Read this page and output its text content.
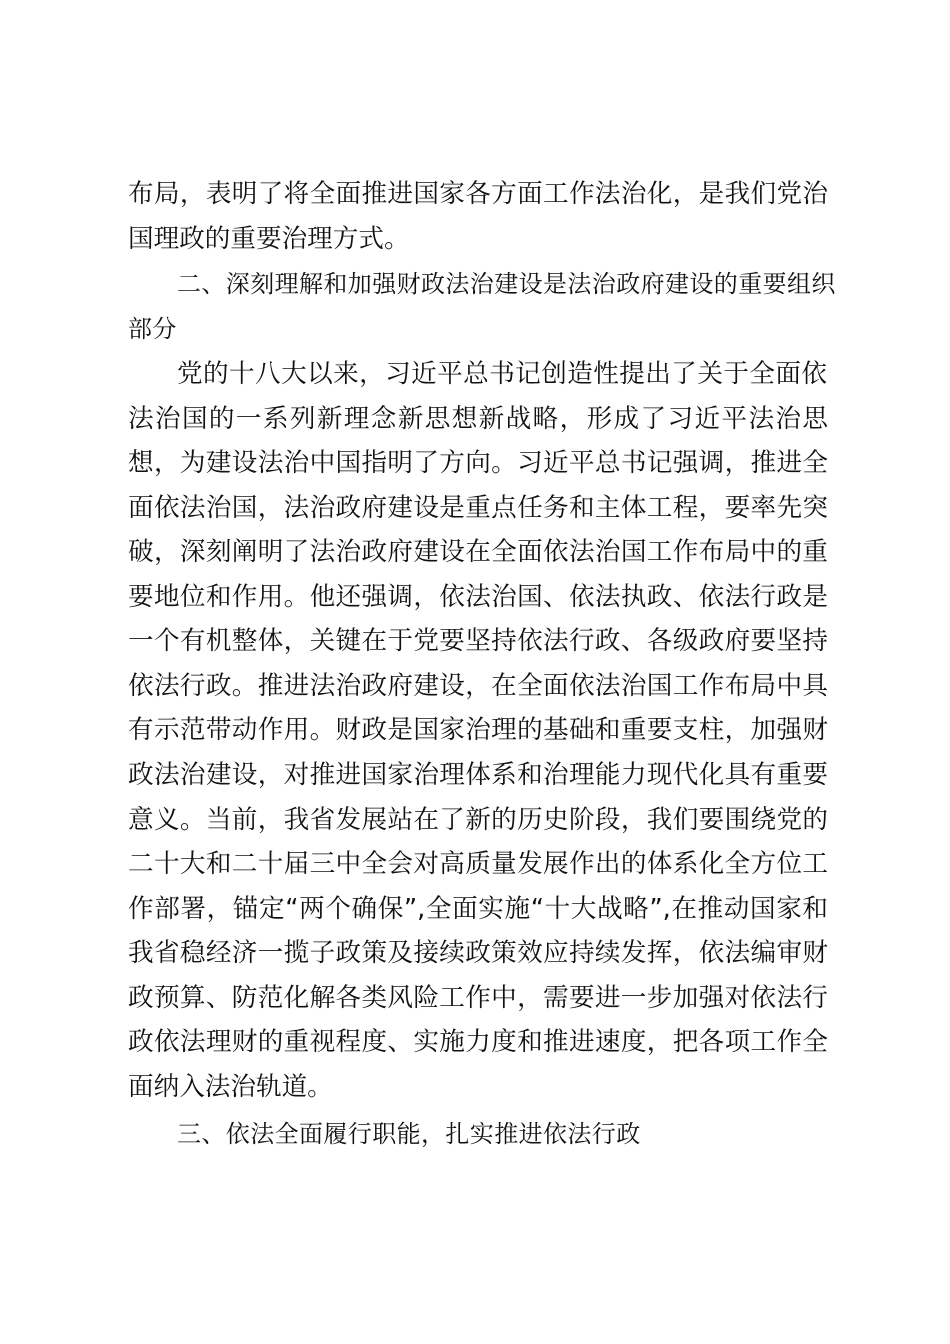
布局，表明了将全面推进国家各方面工作法治化，是我们党治
国理政的重要治理方式。
二、深刻理解和加强财政法治建设是法治政府建设的重要组织
部分
党的十八大以来，习近平总书记创造性提出了关于全面依
法治国的一系列新理念新思想新战略，形成了习近平法治思
想，为建设法治中国指明了方向。习近平总书记强调，推进全
面依法治国，法治政府建设是重点任务和主体工程，要率先突
破，深刻阐明了法治政府建设在全面依法治国工作布局中的重
要地位和作用。他还强调，依法治国、依法执政、依法行政是
一个有机整体，关键在于党要坚持依法行政、各级政府要坚持
依法行政。推进法治政府建设，在全面依法治国工作布局中具
有示范带动作用。财政是国家治理的基础和重要支柱，加强财
政法治建设，对推进国家治理体系和治理能力现代化具有重要
意义。当前，我省发展站在了新的历史阶段，我们要围绕党的
二十大和二十届三中全会对高质量发展作出的体系化全方位工
作部署，锚定“两个确保”,全面实施“十大战略”,在推动国家和
我省稳经济一揽子政策及接续政策效应持续发挥，依法编审财
政预算、防范化解各类风险工作中，需要进一步加强对依法行
政依法理财的重视程度、实施力度和推进速度，把各项工作全
面纳入法治轨道。
三、依法全面履行职能，扎实推进依法行政
